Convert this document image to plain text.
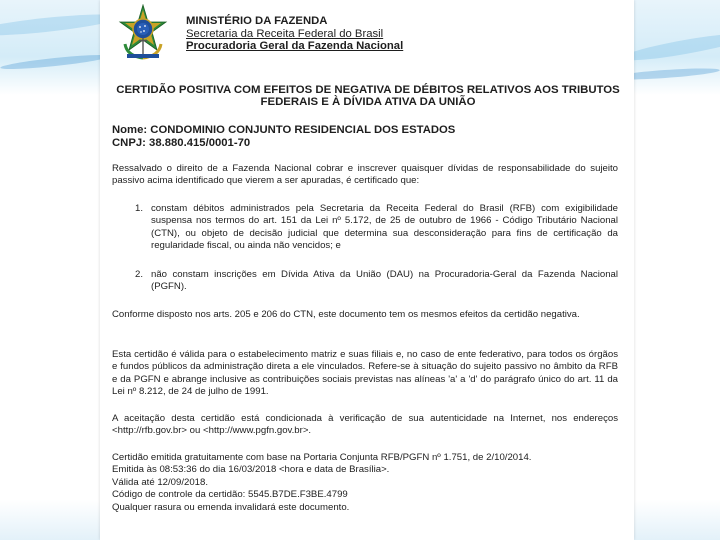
MINISTÉRIO DA FAZENDA
Secretaria da Receita Federal do Brasil
Procuradoria Geral da Fazenda Nacional
CERTIDÃO POSITIVA COM EFEITOS DE NEGATIVA DE DÉBITOS RELATIVOS AOS TRIBUTOS FEDERAIS E À DÍVIDA ATIVA DA UNIÃO
Nome: CONDOMINIO CONJUNTO RESIDENCIAL DOS ESTADOS
CNPJ: 38.880.415/0001-70
Ressalvado o direito de a Fazenda Nacional cobrar e inscrever quaisquer dívidas de responsabilidade do sujeito passivo acima identificado que vierem a ser apuradas, é certificado que:
1. constam débitos administrados pela Secretaria da Receita Federal do Brasil (RFB) com exigibilidade suspensa nos termos do art. 151 da Lei nº 5.172, de 25 de outubro de 1966 - Código Tributário Nacional (CTN), ou objeto de decisão judicial que determina sua desconsideração para fins de certificação da regularidade fiscal, ou ainda não vencidos; e
2. não constam inscrições em Dívida Ativa da União (DAU) na Procuradoria-Geral da Fazenda Nacional (PGFN).
Conforme disposto nos arts. 205 e 206 do CTN, este documento tem os mesmos efeitos da certidão negativa.
Esta certidão é válida para o estabelecimento matriz e suas filiais e, no caso de ente federativo, para todos os órgãos e fundos públicos da administração direta a ele vinculados. Refere-se à situação do sujeito passivo no âmbito da RFB e da PGFN e abrange inclusive as contribuições sociais previstas nas alíneas 'a' a 'd' do parágrafo único do art. 11 da Lei nº 8.212, de 24 de julho de 1991.
A aceitação desta certidão está condicionada à verificação de sua autenticidade na Internet, nos endereços <http://rfb.gov.br> ou <http://www.pgfn.gov.br>.
Certidão emitida gratuitamente com base na Portaria Conjunta RFB/PGFN nº 1.751, de 2/10/2014.
Emitida às 08:53:36 do dia 16/03/2018 <hora e data de Brasília>.
Válida até 12/09/2018.
Código de controle da certidão: 5545.B7DE.F3BE.4799
Qualquer rasura ou emenda invalidará este documento.
